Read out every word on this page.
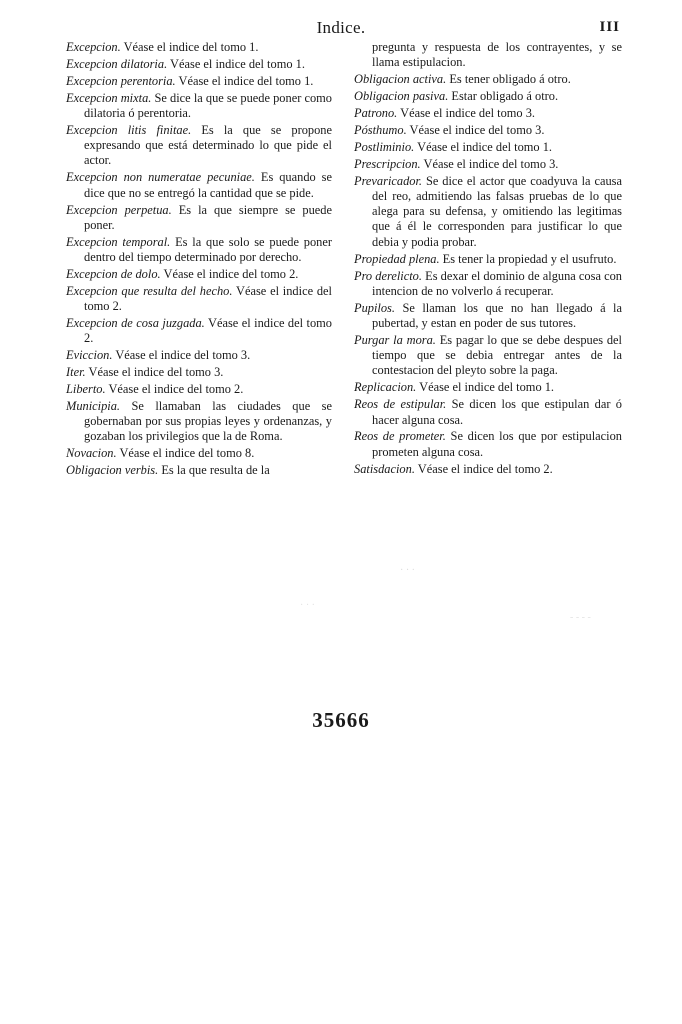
Indice.	III

Excepcion. Véase el indice del tomo 1.

Excepcion dilatoria. Véase el indice del tomo 1.

Excepcion perentoria. Véase el indice del tomo 1.

Excepcion mixta. Se dice la que se puede poner como dilatoria ó perentoria.

Excepcion litis finitae. Es la que se propone expresando que está determinado lo que pide el actor.

Excepcion non numeratae pecuniae. Es quando se dice que no se entregó la cantidad que se pide.

Excepcion perpetua. Es la que siempre se puede poner.

Excepcion temporal. Es la que solo se puede poner dentro del tiempo determinado por derecho.

Excepcion de dolo. Véase el indice del tomo 2.

Excepcion que resulta del hecho. Véase el indice del tomo 2.

Excepcion de cosa juzgada. Véase el indice del tomo 2.

Eviccion. Véase el indice del tomo 3.

Iter. Véase el indice del tomo 3.

Liberto. Véase el indice del tomo 2.

Municipia. Se llamaban las ciudades que se gobernaban por sus propias leyes y ordenanzas, y gozaban los privilegios que la de Roma.

Novacion. Véase el indice del tomo 8.

Obligacion verbis. Es la que resulta de la

pregunta y respuesta de los contrayentes, y se llama estipulacion.

Obligacion activa. Es tener obligado á otro.

Obligacion pasiva. Estar obligado á otro.

Patrono. Véase el indice del tomo 3.

Pósthumo. Véase el indice del tomo 3.

Postliminio. Véase el indice del tomo 1.

Prescripcion. Véase el indice del tomo 3.

Prevaricador. Se dice el actor que coadyuva la causa del reo, admitiendo las falsas pruebas de lo que alega para su defensa, y omitiendo las legitimas que á él le corresponden para justificar lo que debia y podia probar.

Propiedad plena. Es tener la propiedad y el usufruto.

Pro derelicto. Es dexar el dominio de alguna cosa con intencion de no volverlo á recuperar.

Pupilos. Se llaman los que no han llegado á la pubertad, y estan en poder de sus tutores.

Purgar la mora. Es pagar lo que se debe despues del tiempo que se debia entregar antes de la contestacion del pleyto sobre la paga.

Replicacion. Véase el indice del tomo 1.

Reos de estipular. Se dicen los que estipulan dar ó hacer alguna cosa.

Reos de prometer. Se dicen los que por estipulacion prometen alguna cosa.

Satisdacion. Véase el indice del tomo 2.

· · ·
· · ·
- - - -
35666
